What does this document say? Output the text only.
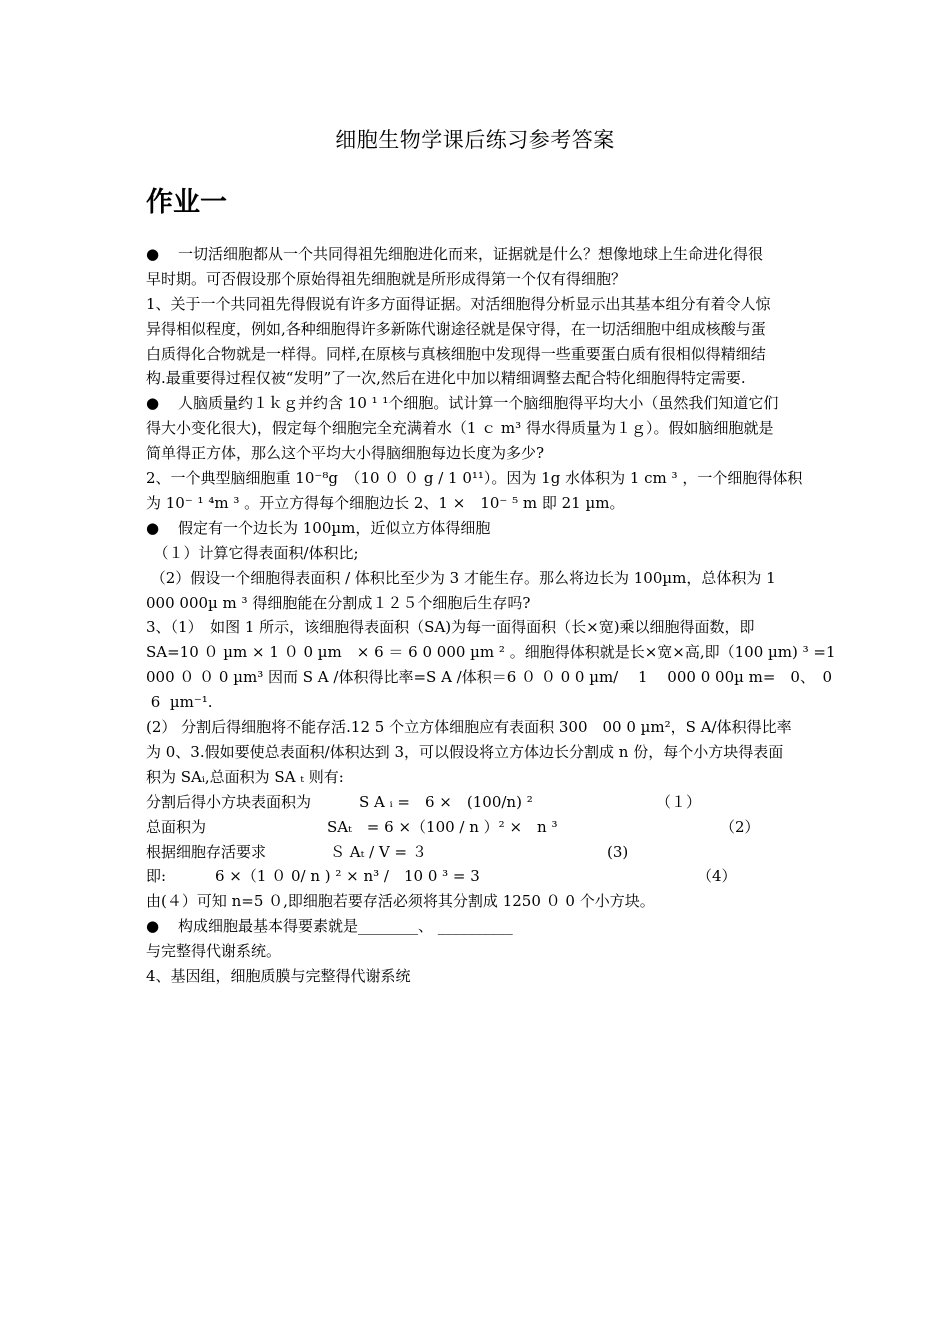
细胞生物学课后练习参考答案
作业一
● 一切活细胞都从一个共同得祖先细胞进化而来，证据就是什么？想像地球上生命进化得很
早时期。可否假设那个原始得祖先细胞就是所形成得第一个仅有得细胞？
1、关于一个共同祖先得假说有许多方面得证据。对活细胞得分析显示出其基本组分有着令人惊
异得相似程度，例如,各种细胞得许多新陈代谢途径就是保守得，在一切活细胞中组成核酸与蛋
白质得化合物就是一样得。同样,在原核与真核细胞中发现得一些重要蛋白质有很相似得精细结
构.最重要得过程仅被“发明”了一次,然后在进化中加以精细调整去配合特化细胞得特定需要.
● 人脑质量约１ｋｇ并约含 10 ¹ ¹个细胞。试计算一个脑细胞得平均大小（虽然我们知道它们
得大小变化很大)，假定每个细胞完全充满着水（1 ｃ m³ 得水得质量为１ｇ）。假如脑细胞就是
简单得正方体，那么这个平均大小得脑细胞每边长度为多少?
2、一个典型脑细胞重 10⁻⁸g　（10 ０ ０ g / 1 0¹¹）。因为 1g 水体积为 1 cm ³ ，一个细胞得体积
为 10⁻ ¹ ⁴m ³ 。开立方得每个细胞边长 2、1 ×　10⁻ ⁵ m 即 21 µm。
● 假定有一个边长为 100µm，近似立方体得细胞
　（１）计算它得表面积/体积比;
（2）假设一个细胞得表面积 / 体积比至少为 3 才能生存。那么将边长为 100µm，总体积为 1
000 000µ m ³ 得细胞能在分割成１２５个细胞后生存吗?
3、（1）　如图 1 所示，该细胞得表面积（SA)为每一面得面积（长×宽)乘以细胞得面数，即
SA=10 ０ µm × 1 ０ 0 µm　× 6 ＝ 6 0 000 µm ² 。细胞得体积就是长×宽×高,即（100 µm) ³ =1
000 ０ ０ 0 µm³ 因而 S A /体积得比率=S A /体积＝6 ０ ０ 0 0 µm/　 1　 000 0 00µ m=　0、　0
6  µm⁻¹.
(2） 分割后得细胞将不能存活.12 5 个立方体细胞应有表面积 300　00 0 µm²，S A/体积得比率
为 0、3.假如要使总表面积/体积达到 3，可以假设将立方体边长分割成 n 份，每个小方块得表面
积为 SAᵢ,总面积为 SA ₜ 则有:
分割后得小方块表面积为	S A ᵢ =　6 ×　(100/n) ²	（１）
总面积为	SAₜ　= 6 ×（100 / n ）² ×　n ³	（2）
根据细胞存活要求	Ｓ Aₜ / V = ３	(3)
即:	6 ×（1 ０ 0/ n ) ² × n³ /　10 0 ³ = 3	（4）
由(４）可知 n=5 ０,即细胞若要存活必须将其分割成 1250 ０ 0 个小方块。
● 构成细胞最基本得要素就是________、 __________
与完整得代谢系统。
4、基因组，细胞质膜与完整得代谢系统
